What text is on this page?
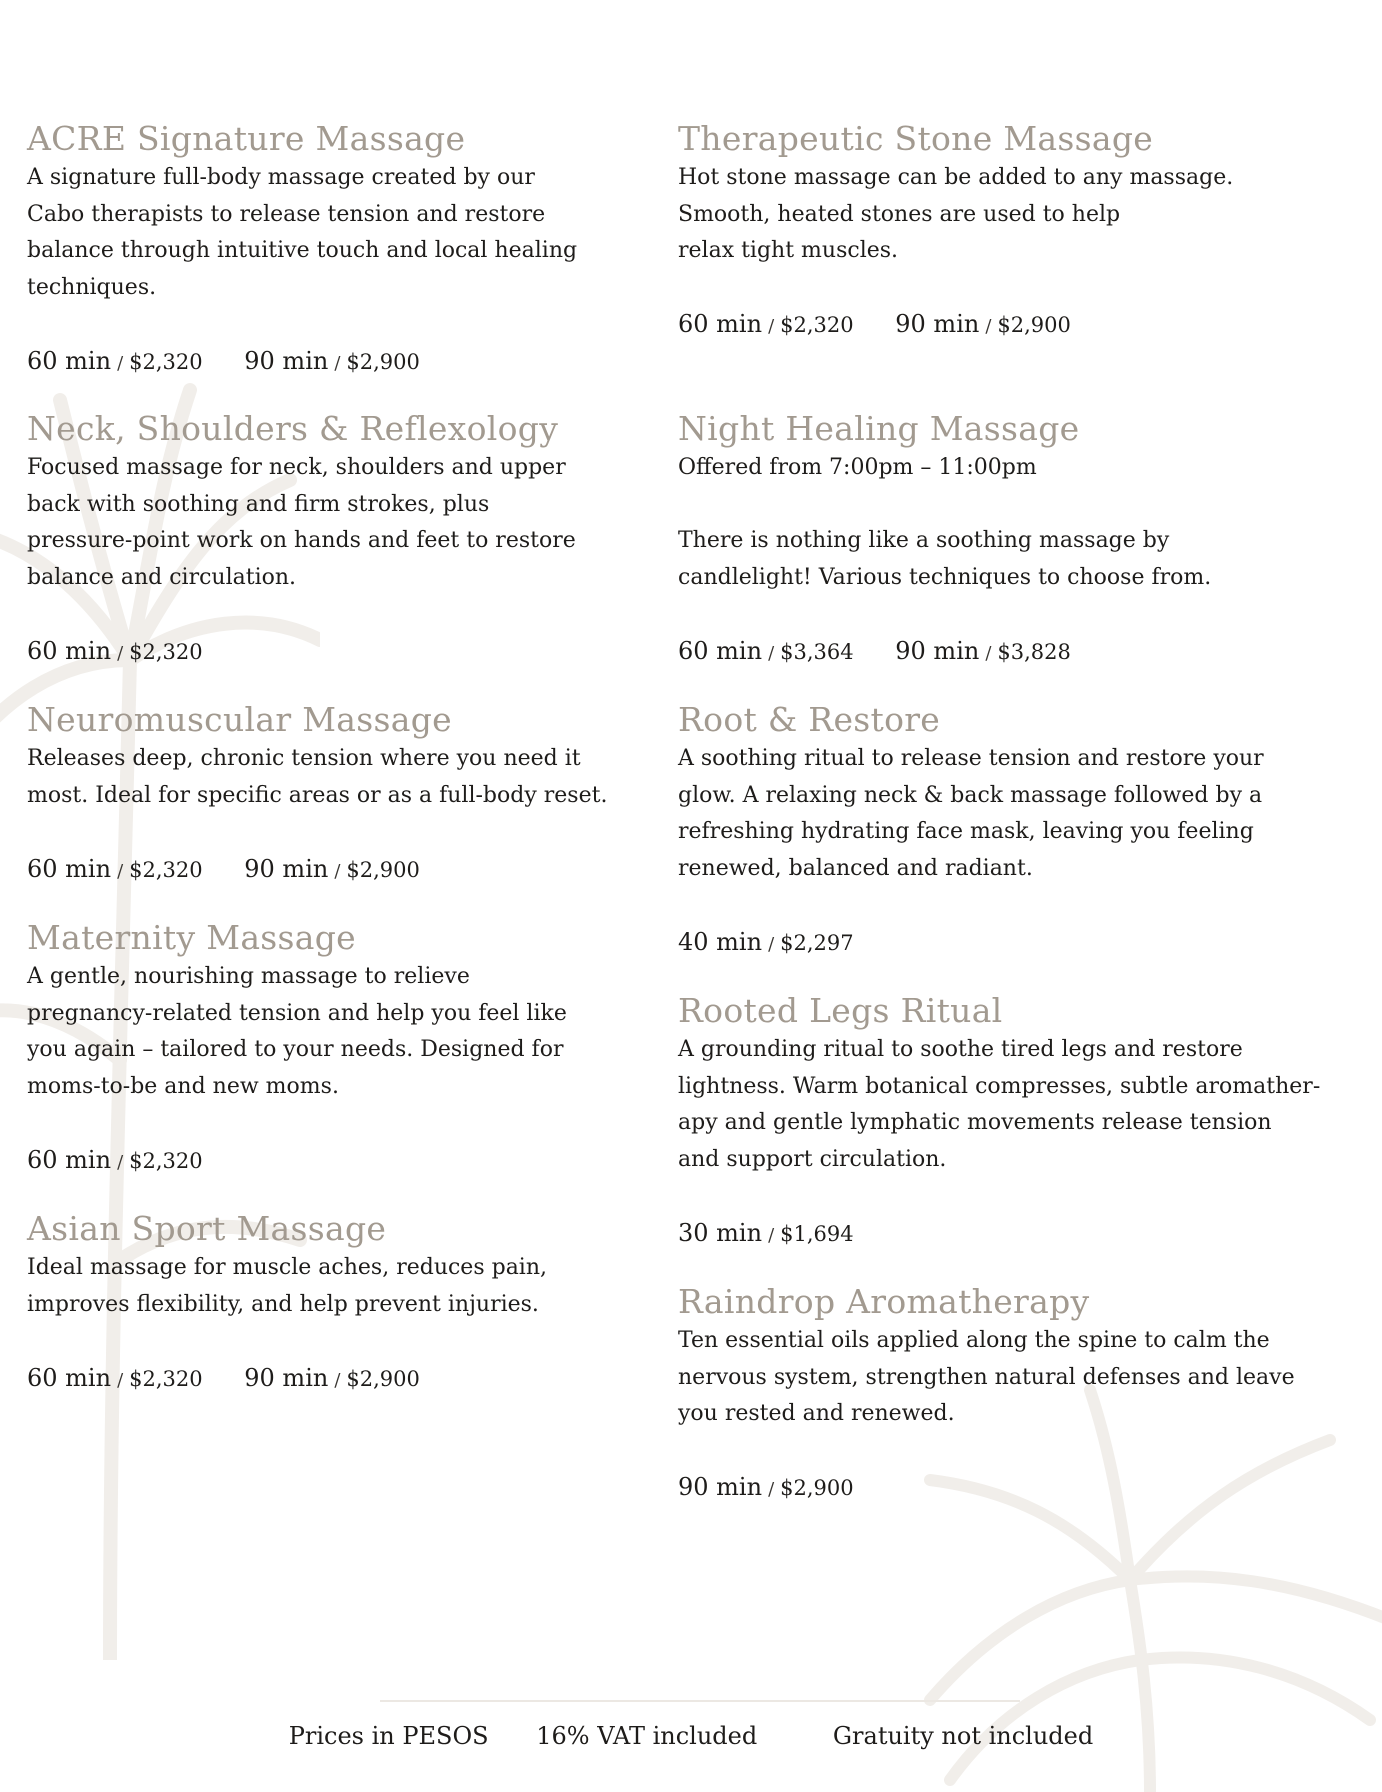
ACRE Signature Massage

A signature full-body massage created by our

Cabo therapists to release tension and restore

balance through intuitive touch and local healing

techniques.

60 min / $2,320 90 min / $2,900

Neck, Shoulders & Reflexology

Focused massage for neck, shoulders and upper

back with soothing and firm strokes, plus

pressure-point work on hands and feet to restore

balance and circulation.

60 min / $2,320

Neuromuscular Massage

Releases deep, chronic tension where you need it

most. Ideal for specific areas or as a full-body reset.

60 min / $2,320 90 min / $2,900

Maternity Massage

A gentle, nourishing massage to relieve

pregnancy-related tension and help you feel like

you again – tailored to your needs. Designed for

moms-to-be and new moms.

60 min / $2,320

Asian Sport Massage

Ideal massage for muscle aches, reduces pain,

improves flexibility, and help prevent injuries.

60 min / $2,320 90 min / $2,900

Therapeutic Stone Massage

Hot stone massage can be added to any massage.

Smooth, heated stones are used to help

relax tight muscles.

60 min / $2,320 90 min / $2,900

Night Healing Massage

Offered from 7:00pm – 11:00pm

There is nothing like a soothing massage by

candlelight! Various techniques to choose from.

60 min / $3,364 90 min / $3,828

Root & Restore

A soothing ritual to release tension and restore your

glow. A relaxing neck & back massage followed by a

refreshing hydrating face mask, leaving you feeling

renewed, balanced and radiant.

40 min / $2,297

Rooted Legs Ritual

A grounding ritual to soothe tired legs and restore

lightness. Warm botanical compresses, subtle aromather-

apy and gentle lymphatic movements release tension

and support circulation.

30 min / $1,694

Raindrop Aromatherapy

Ten essential oils applied along the spine to calm the

nervous system, strengthen natural defenses and leave

you rested and renewed.

90 min / $2,900

Prices in PESOS 16% VAT included	Gratuity not included
